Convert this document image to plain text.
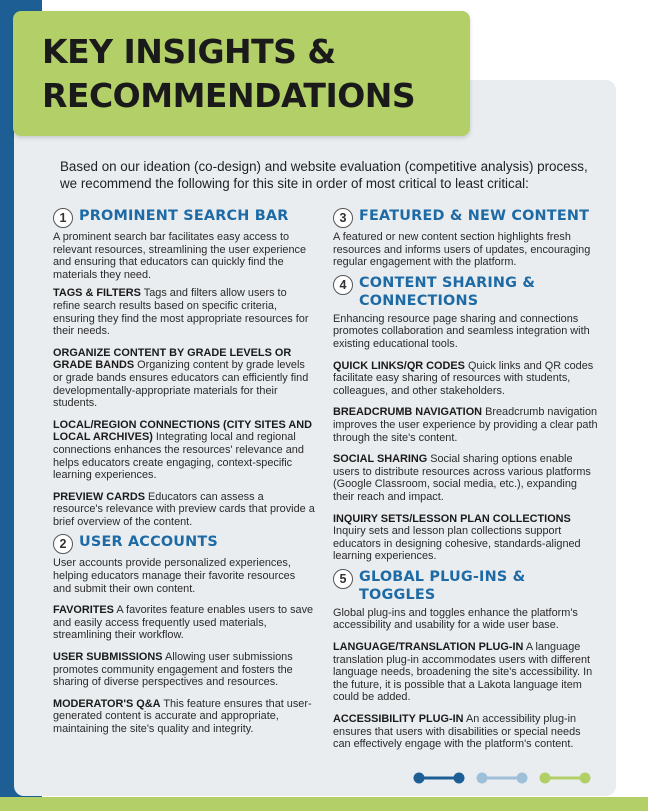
KEY INSIGHTS &
RECOMMENDATIONS

Based on our ideation (co-design) and website evaluation (competitive analysis) process, we recommend the following for this site in order of most critical to least critical:

1 PROMINENT SEARCH BAR

A prominent search bar facilitates easy access to relevant resources, streamlining the user experience and ensuring that educators can quickly find the materials they need.

TAGS & FILTERS Tags and filters allow users to refine search results based on specific criteria, ensuring they find the most appropriate resources for their needs.

ORGANIZE CONTENT BY GRADE LEVELS OR GRADE BANDS Organizing content by grade levels or grade bands ensures educators can efficiently find developmentally-appropriate materials for their students.

LOCAL/REGION CONNECTIONS (CITY SITES AND LOCAL ARCHIVES) Integrating local and regional connections enhances the resources' relevance and helps educators create engaging, context-specific learning experiences.

PREVIEW CARDS Educators can assess a resource's relevance with preview cards that provide a brief overview of the content.

2 USER ACCOUNTS

User accounts provide personalized experiences, helping educators manage their favorite resources and submit their own content.

FAVORITES A favorites feature enables users to save and easily access frequently used materials, streamlining their workflow.

USER SUBMISSIONS Allowing user submissions promotes community engagement and fosters the sharing of diverse perspectives and resources.

MODERATOR'S Q&A This feature ensures that user-generated content is accurate and appropriate, maintaining the site's quality and integrity.

3 FEATURED & NEW CONTENT

A featured or new content section highlights fresh resources and informs users of updates, encouraging regular engagement with the platform.

4 CONTENT SHARING & CONNECTIONS

Enhancing resource page sharing and connections promotes collaboration and seamless integration with existing educational tools.

QUICK LINKS/QR CODES Quick links and QR codes facilitate easy sharing of resources with students, colleagues, and other stakeholders.

BREADCRUMB NAVIGATION Breadcrumb navigation improves the user experience by providing a clear path through the site's content.

SOCIAL SHARING Social sharing options enable users to distribute resources across various platforms (Google Classroom, social media, etc.), expanding their reach and impact.

INQUIRY SETS/LESSON PLAN COLLECTIONS
Inquiry sets and lesson plan collections support educators in designing cohesive, standards-aligned learning experiences.

5 GLOBAL PLUG-INS & TOGGLES

Global plug-ins and toggles enhance the platform's accessibility and usability for a wide user base.

LANGUAGE/TRANSLATION PLUG-IN A language translation plug-in accommodates users with different language needs, broadening the site's accessibility. In the future, it is possible that a Lakota language item could be added.

ACCESSIBILITY PLUG-IN An accessibility plug-in ensures that users with disabilities or special needs can effectively engage with the platform's content.
